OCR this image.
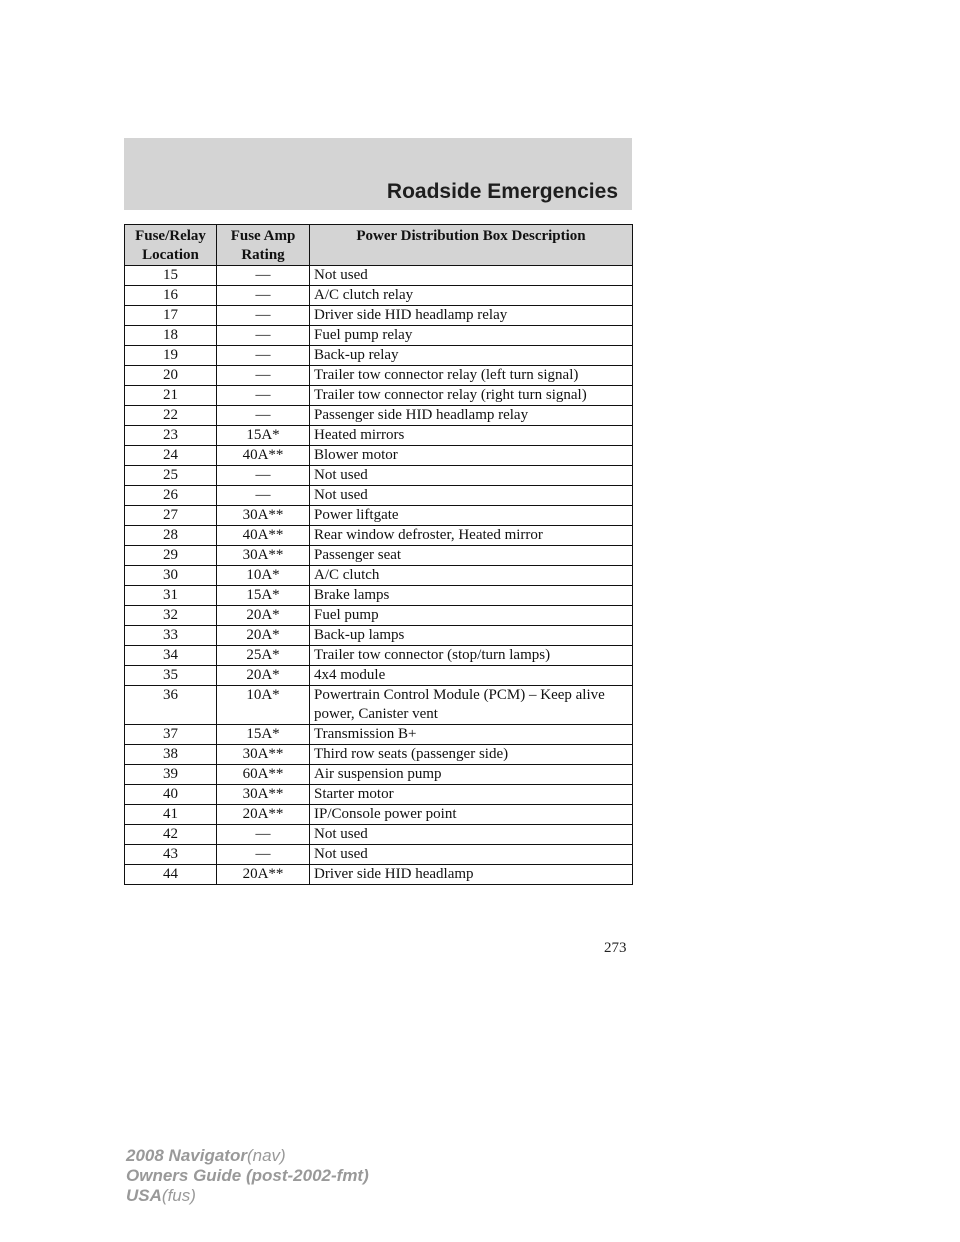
Roadside Emergencies
Fuse/Relay Location	Fuse Amp Rating	Power Distribution Box Description
15	—	Not used
16	—	A/C clutch relay
17	—	Driver side HID headlamp relay
18	—	Fuel pump relay
19	—	Back-up relay
20	—	Trailer tow connector relay (left turn signal)
21	—	Trailer tow connector relay (right turn signal)
22	—	Passenger side HID headlamp relay
23	15A*	Heated mirrors
24	40A**	Blower motor
25	—	Not used
26	—	Not used
27	30A**	Power liftgate
28	40A**	Rear window defroster, Heated mirror
29	30A**	Passenger seat
30	10A*	A/C clutch
31	15A*	Brake lamps
32	20A*	Fuel pump
33	20A*	Back-up lamps
34	25A*	Trailer tow connector (stop/turn lamps)
35	20A*	4x4 module
36	10A*	Powertrain Control Module (PCM) – Keep alive power, Canister vent
37	15A*	Transmission B+
38	30A**	Third row seats (passenger side)
39	60A**	Air suspension pump
40	30A**	Starter motor
41	20A**	IP/Console power point
42	—	Not used
43	—	Not used
44	20A**	Driver side HID headlamp
273
2008 Navigator(nav)
Owners Guide (post-2002-fmt)
USA(fus)
